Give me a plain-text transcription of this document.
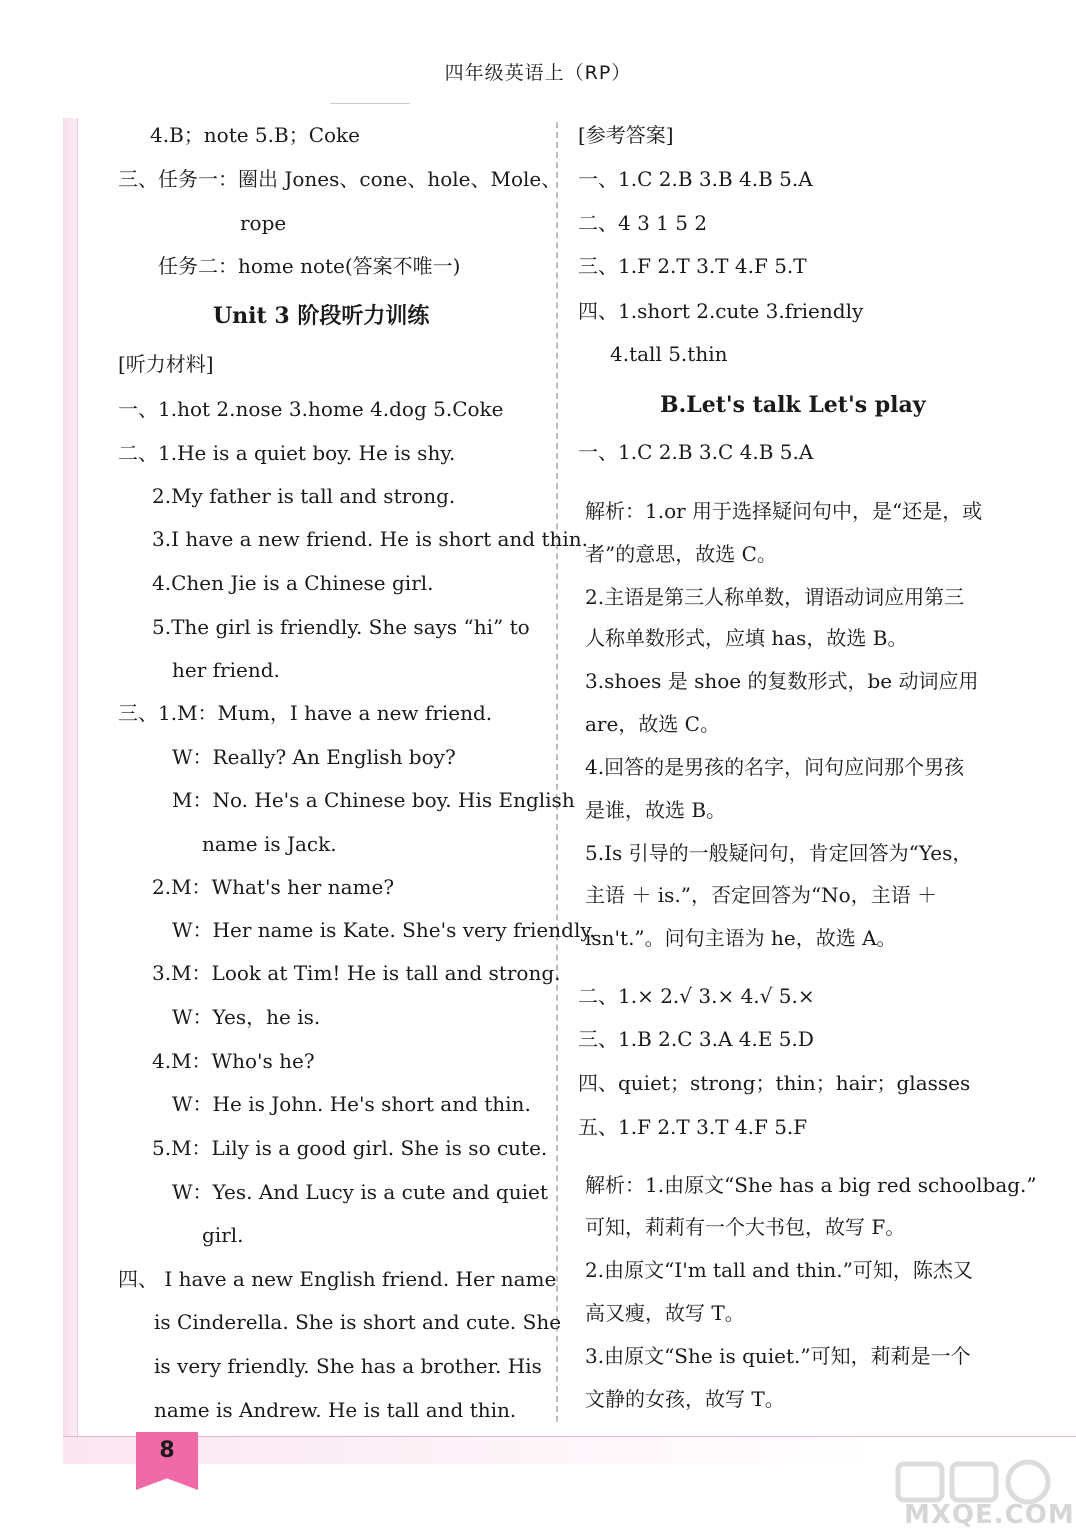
四年级英语上（RP）
4.B；note 5.B；Coke
三、任务一：圈出 Jones、cone、hole、Mole、
rope
任务二：home note(答案不唯一)
Unit 3 阶段听力训练
[听力材料]
一、1.hot 2.nose 3.home 4.dog 5.Coke
二、1.He is a quiet boy. He is shy.
2.My father is tall and strong.
3.I have a new friend. He is short and thin.
4.Chen Jie is a Chinese girl.
5.The girl is friendly. She says “hi” to
her friend.
三、1.M：Mum，I have a new friend.
W：Really? An English boy?
M：No. He's a Chinese boy. His English
name is Jack.
2.M：What's her name?
W：Her name is Kate. She's very friendly.
3.M：Look at Tim! He is tall and strong.
W：Yes，he is.
4.M：Who's he?
W：He is John. He's short and thin.
5.M：Lily is a good girl. She is so cute.
W：Yes. And Lucy is a cute and quiet
girl.
四、 I have a new English friend. Her name
is Cinderella. She is short and cute. She
is very friendly. She has a brother. His
name is Andrew. He is tall and thin.
[参考答案]
一、1.C 2.B 3.B 4.B 5.A
二、4 3 1 5 2
三、1.F 2.T 3.T 4.F 5.T
四、1.short 2.cute 3.friendly
4.tall 5.thin
B.Let's talk Let's play
一、1.C 2.B 3.C 4.B 5.A
解析：1.or 用于选择疑问句中，是“还是，或
者”的意思，故选 C。
2.主语是第三人称单数，谓语动词应用第三
人称单数形式，应填 has，故选 B。
3.shoes 是 shoe 的复数形式，be 动词应用
are，故选 C。
4.回答的是男孩的名字，问句应问那个男孩
是谁，故选 B。
5.Is 引导的一般疑问句，肯定回答为“Yes，
主语 ＋ is.”，否定回答为“No，主语 ＋
isn't.”。问句主语为 he，故选 A。
二、1.× 2.√ 3.× 4.√ 5.×
三、1.B 2.C 3.A 4.E 5.D
四、quiet；strong；thin；hair；glasses
五、1.F 2.T 3.T 4.F 5.F
解析：1.由原文“She has a big red schoolbag.”
可知，莉莉有一个大书包，故写 F。
2.由原文“I'm tall and thin.”可知，陈杰又
高又瘦，故写 T。
3.由原文“She is quiet.”可知，莉莉是一个
文静的女孩，故写 T。
8
MXQE.COM
